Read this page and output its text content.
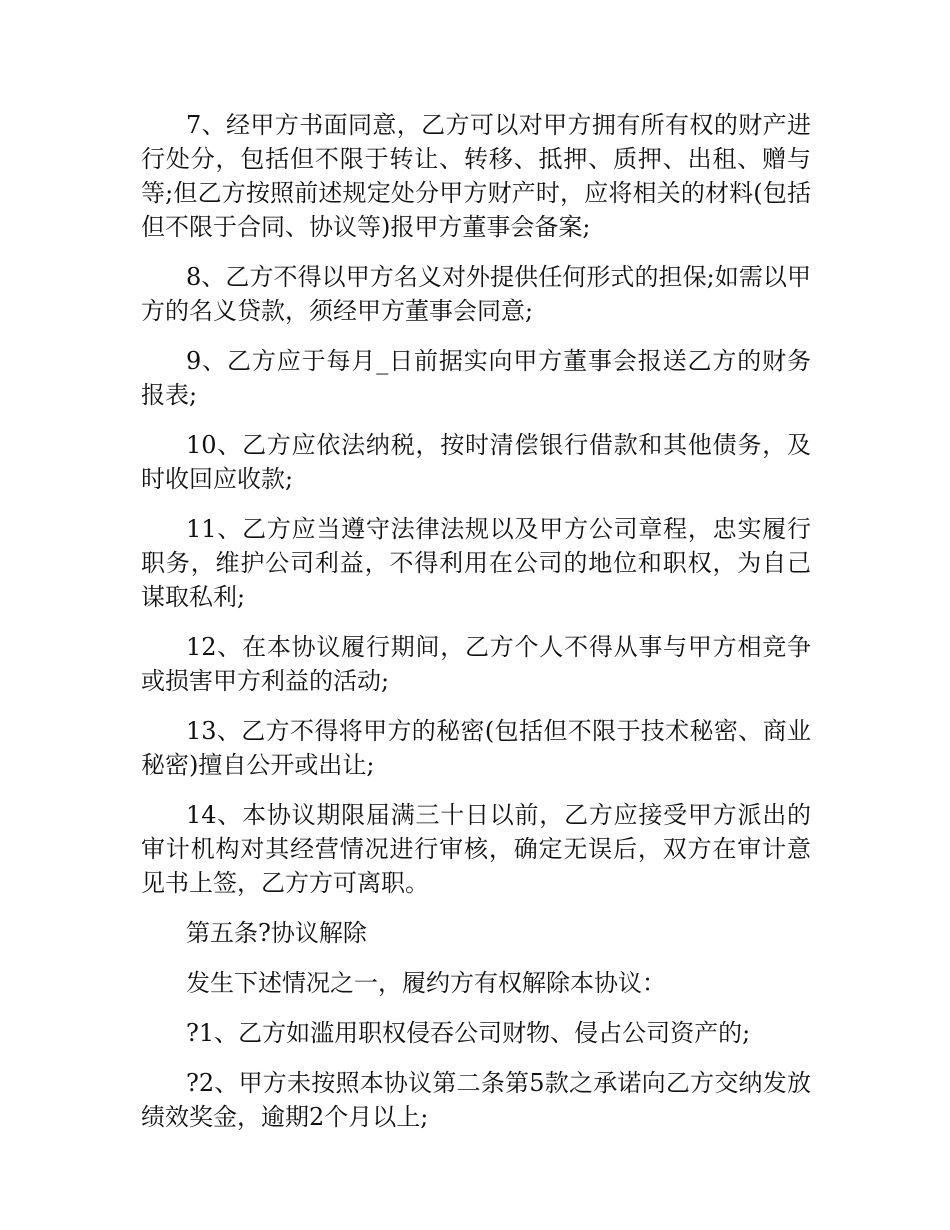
7、经甲方书面同意，乙方可以对甲方拥有所有权的财产进行处分，包括但不限于转让、转移、抵押、质押、出租、赠与等;但乙方按照前述规定处分甲方财产时，应将相关的材料(包括但不限于合同、协议等)报甲方董事会备案;

8、乙方不得以甲方名义对外提供任何形式的担保;如需以甲方的名义贷款，须经甲方董事会同意;

9、乙方应于每月_日前据实向甲方董事会报送乙方的财务报表;

10、乙方应依法纳税，按时清偿银行借款和其他债务，及时收回应收款;

11、乙方应当遵守法律法规以及甲方公司章程，忠实履行职务，维护公司利益，不得利用在公司的地位和职权，为自己谋取私利;

12、在本协议履行期间，乙方个人不得从事与甲方相竞争或损害甲方利益的活动;

13、乙方不得将甲方的秘密(包括但不限于技术秘密、商业秘密)擅自公开或出让;

14、本协议期限届满三十日以前，乙方应接受甲方派出的审计机构对其经营情况进行审核，确定无误后，双方在审计意见书上签，乙方方可离职。

第五条?协议解除

发生下述情况之一，履约方有权解除本协议：

?1、乙方如滥用职权侵吞公司财物、侵占公司资产的;

?2、甲方未按照本协议第二条第5款之承诺向乙方交纳发放绩效奖金，逾期2个月以上;
